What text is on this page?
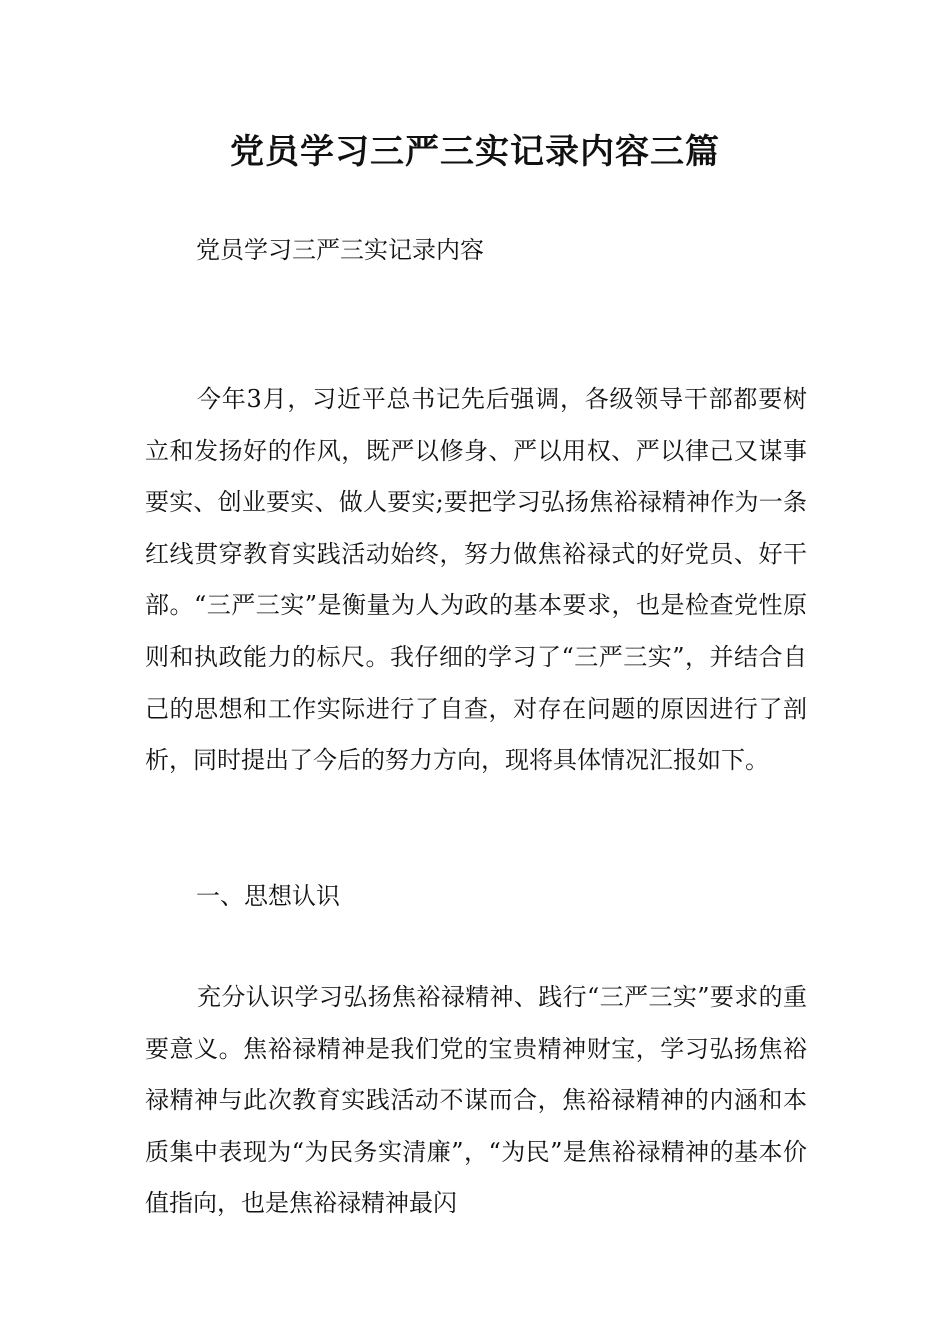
党员学习三严三实记录内容三篇

党员学习三严三实记录内容

今年3月，习近平总书记先后强调，各级领导干部都要树立和发扬好的作风，既严以修身、严以用权、严以律己又谋事要实、创业要实、做人要实;要把学习弘扬焦裕禄精神作为一条红线贯穿教育实践活动始终，努力做焦裕禄式的好党员、好干部。“三严三实”是衡量为人为政的基本要求，也是检查党性原则和执政能力的标尺。我仔细的学习了“三严三实”，并结合自己的思想和工作实际进行了自查，对存在问题的原因进行了剖析，同时提出了今后的努力方向，现将具体情况汇报如下。

一、思想认识

充分认识学习弘扬焦裕禄精神、践行“三严三实”要求的重要意义。焦裕禄精神是我们党的宝贵精神财宝，学习弘扬焦裕禄精神与此次教育实践活动不谋而合，焦裕禄精神的内涵和本质集中表现为“为民务实清廉”，“为民”是焦裕禄精神的基本价值指向，也是焦裕禄精神最闪
